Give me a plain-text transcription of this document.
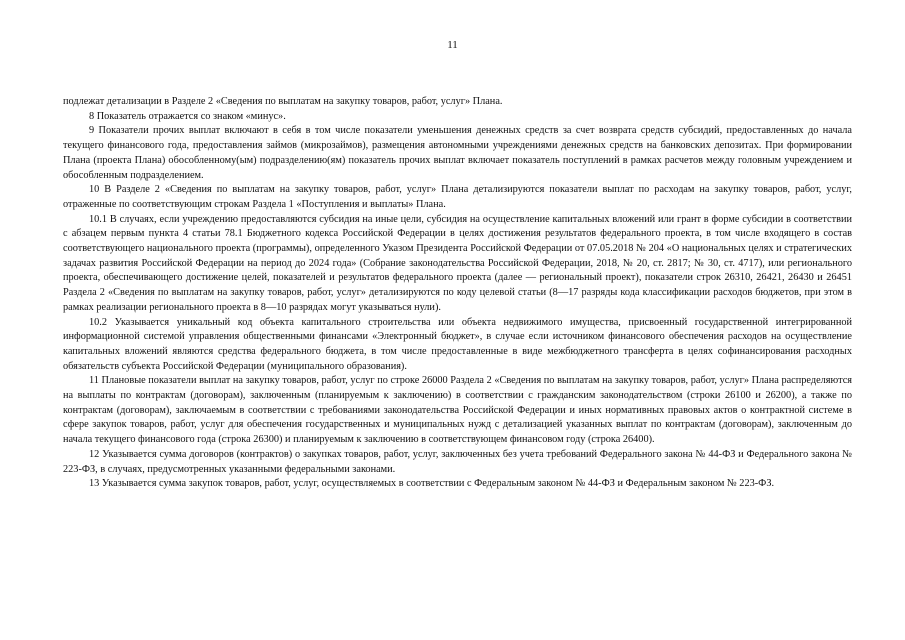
11

подлежат детализации в Разделе 2 «Сведения по выплатам на закупку товаров, работ, услуг» Плана.

8 Показатель отражается со знаком «минус».

9 Показатели прочих выплат включают в себя в том числе показатели уменьшения денежных средств за счет возврата средств субсидий, предоставленных до начала текущего финансового года, предоставления займов (микрозаймов), размещения автономными учреждениями денежных средств на банковских депозитах. При формировании Плана (проекта Плана) обособленному(ым) подразделению(ям) показатель прочих выплат включает показатель поступлений в рамках расчетов между головным учреждением и обособленным подразделением.

10 В Разделе 2 «Сведения по выплатам на закупку товаров, работ, услуг» Плана детализируются показатели выплат по расходам на закупку товаров, работ, услуг, отраженные по соответствующим строкам Раздела 1 «Поступления и выплаты» Плана.

10.1 В случаях, если учреждению предоставляются субсидия на иные цели, субсидия на осуществление капитальных вложений или грант в форме субсидии в соответствии с абзацем первым пункта 4 статьи 78.1 Бюджетного кодекса Российской Федерации в целях достижения результатов федерального проекта, в том числе входящего в состав соответствующего национального проекта (программы), определенного Указом Президента Российской Федерации от 07.05.2018 № 204 «О национальных целях и стратегических задачах развития Российской Федерации на период до 2024 года» (Собрание законодательства Российской Федерации, 2018, № 20, ст. 2817; № 30, ст. 4717), или регионального проекта, обеспечивающего достижение целей, показателей и результатов федерального проекта (далее — региональный проект), показатели строк 26310, 26421, 26430 и 26451 Раздела 2 «Сведения по выплатам на закупку товаров, работ, услуг» детализируются по коду целевой статьи (8—17 разряды кода классификации расходов бюджетов, при этом в рамках реализации регионального проекта в 8—10 разрядах могут указываться нули).

10.2 Указывается уникальный код объекта капитального строительства или объекта недвижимого имущества, присвоенный государственной интегрированной информационной системой управления общественными финансами «Электронный бюджет», в случае если источником финансового обеспечения расходов на осуществление капитальных вложений являются средства федерального бюджета, в том числе предоставленные в виде межбюджетного трансферта в целях софинансирования расходных обязательств субъекта Российской Федерации (муниципального образования).

11 Плановые показатели выплат на закупку товаров, работ, услуг по строке 26000 Раздела 2 «Сведения по выплатам на закупку товаров, работ, услуг» Плана распределяются на выплаты по контрактам (договорам), заключенным (планируемым к заключению) в соответствии с гражданским законодательством (строки 26100 и 26200), а также по контрактам (договорам), заключаемым в соответствии с требованиями законодательства Российской Федерации и иных нормативных правовых актов о контрактной системе в сфере закупок товаров, работ, услуг для обеспечения государственных и муниципальных нужд с детализацией указанных выплат по контрактам (договорам), заключенным до начала текущего финансового года (строка 26300) и планируемым к заключению в соответствующем финансовом году (строка 26400).

12 Указывается сумма договоров (контрактов) о закупках товаров, работ, услуг, заключенных без учета требований Федерального закона № 44-ФЗ и Федерального закона № 223-ФЗ, в случаях, предусмотренных указанными федеральными законами.

13 Указывается сумма закупок товаров, работ, услуг, осуществляемых в соответствии с Федеральным законом № 44-ФЗ и Федеральным законом № 223-ФЗ.
